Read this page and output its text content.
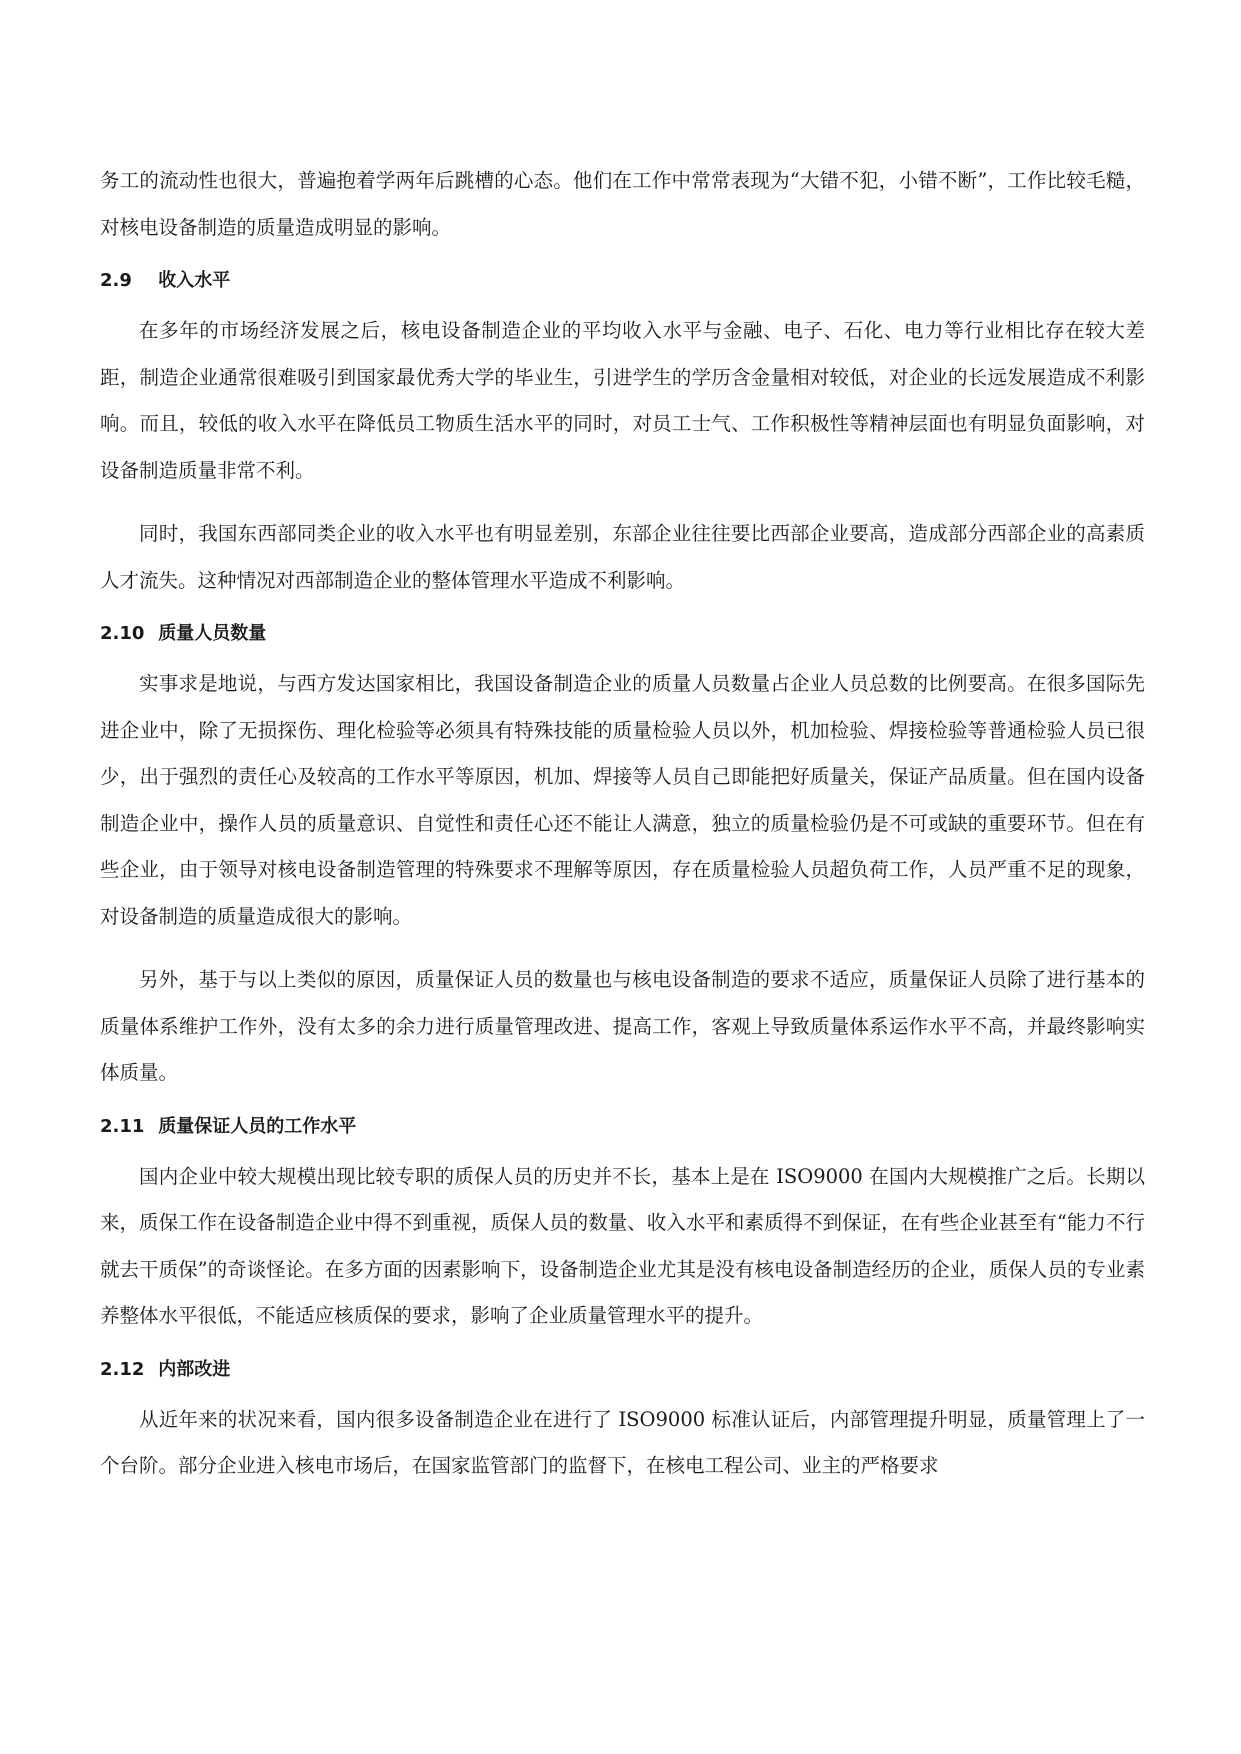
务工的流动性也很大，普遍抱着学两年后跳槽的心态。他们在工作中常常表现为“大错不犯，小错不断”，工作比较毛糙，对核电设备制造的质量造成明显的影响。

2.9 收入水平

在多年的市场经济发展之后，核电设备制造企业的平均收入水平与金融、电子、石化、电力等行业相比存在较大差距，制造企业通常很难吸引到国家最优秀大学的毕业生，引进学生的学历含金量相对较低，对企业的长远发展造成不利影响。而且，较低的收入水平在降低员工物质生活水平的同时，对员工士气、工作积极性等精神层面也有明显负面影响，对设备制造质量非常不利。

同时，我国东西部同类企业的收入水平也有明显差别，东部企业往往要比西部企业要高，造成部分西部企业的高素质人才流失。这种情况对西部制造企业的整体管理水平造成不利影响。

2.10 质量人员数量

实事求是地说，与西方发达国家相比，我国设备制造企业的质量人员数量占企业人员总数的比例要高。在很多国际先进企业中，除了无损探伤、理化检验等必须具有特殊技能的质量检验人员以外，机加检验、焊接检验等普通检验人员已很少，出于强烈的责任心及较高的工作水平等原因，机加、焊接等人员自己即能把好质量关，保证产品质量。但在国内设备制造企业中，操作人员的质量意识、自觉性和责任心还不能让人满意，独立的质量检验仍是不可或缺的重要环节。但在有些企业，由于领导对核电设备制造管理的特殊要求不理解等原因，存在质量检验人员超负荷工作，人员严重不足的现象，对设备制造的质量造成很大的影响。

另外，基于与以上类似的原因，质量保证人员的数量也与核电设备制造的要求不适应，质量保证人员除了进行基本的质量体系维护工作外，没有太多的余力进行质量管理改进、提高工作，客观上导致质量体系运作水平不高，并最终影响实体质量。

2.11 质量保证人员的工作水平

国内企业中较大规模出现比较专职的质保人员的历史并不长，基本上是在 ISO9000 在国内大规模推广之后。长期以来，质保工作在设备制造企业中得不到重视，质保人员的数量、收入水平和素质得不到保证，在有些企业甚至有“能力不行就去干质保”的奇谈怪论。在多方面的因素影响下，设备制造企业尤其是没有核电设备制造经历的企业，质保人员的专业素养整体水平很低，不能适应核质保的要求，影响了企业质量管理水平的提升。

2.12 内部改进

从近年来的状况来看，国内很多设备制造企业在进行了 ISO9000 标准认证后，内部管理提升明显，质量管理上了一个台阶。部分企业进入核电市场后，在国家监管部门的监督下，在核电工程公司、业主的严格要求
